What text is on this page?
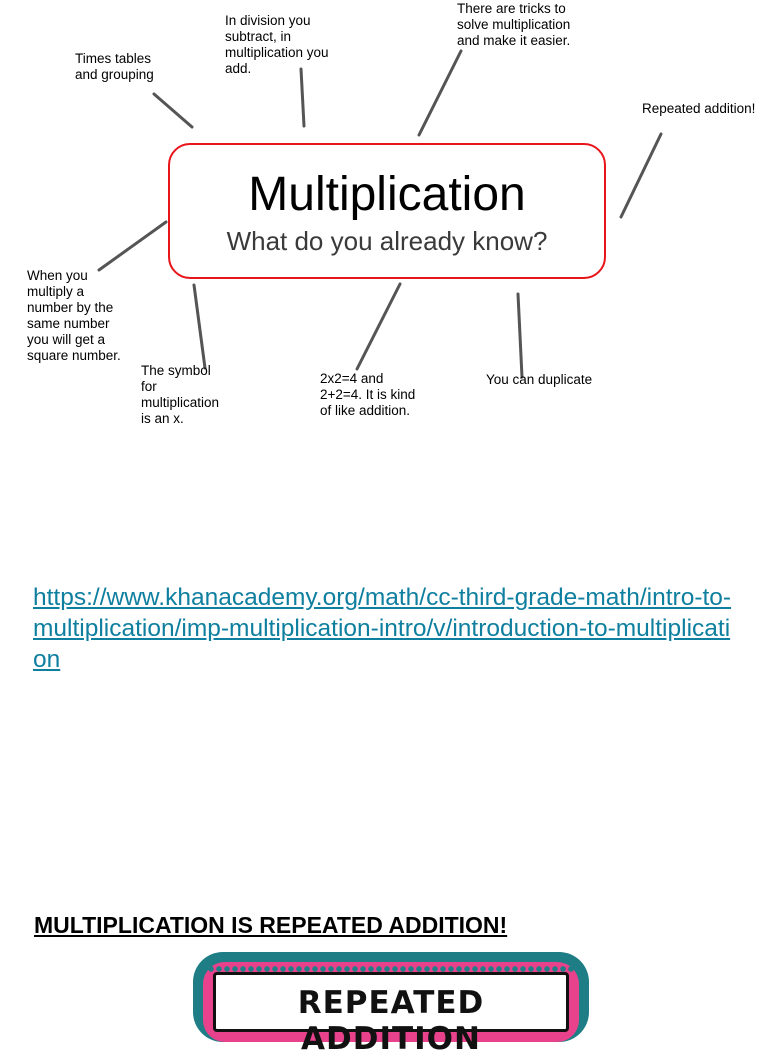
Times tables
and grouping
In division you
subtract, in
multiplication you
add.
There are tricks to
solve multiplication
and make it easier.
Repeated addition!
Multiplication
What do you already know?
When you
multiply a
number by the
same number
you will get a
square number.
The symbol
for
multiplication
is an x.
2x2=4 and
2+2=4. It is kind
of like addition.
You can duplicate
https://www.khanacademy.org/math/cc-third-grade-math/intro-to-multiplication/imp-multiplication-intro/v/introduction-to-multiplication
MULTIPLICATION IS REPEATED ADDITION!
REPEATED ADDITION
